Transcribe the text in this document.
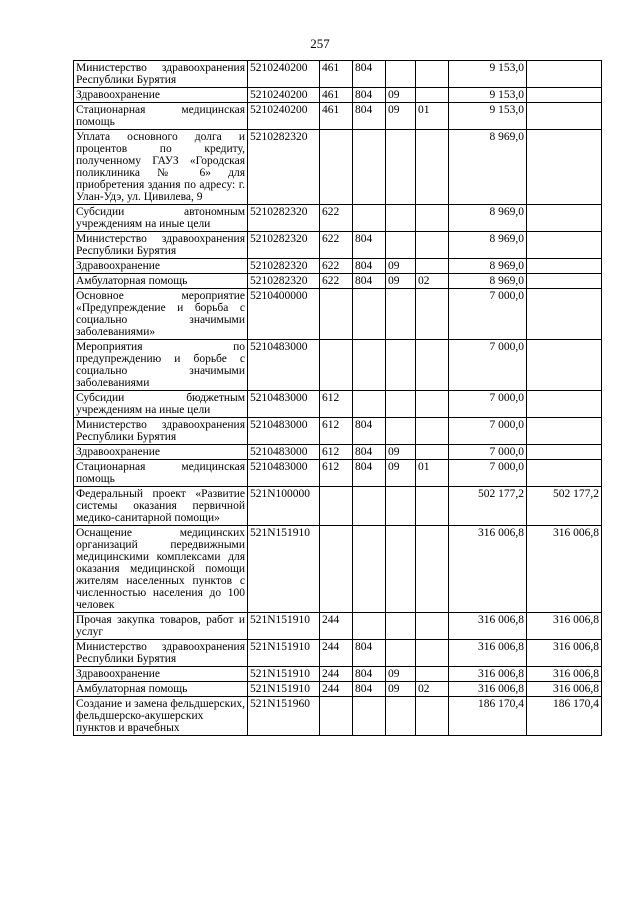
257
Министерство здравоохранения Республики Бурятия	5210240200	461	804			9 153,0	
Здравоохранение	5210240200	461	804	09		9 153,0	
Стационарная медицинская помощь	5210240200	461	804	09	01	9 153,0	
Уплата основного долга и процентов по кредиту, полученному ГАУЗ «Городская поликлиника № 6» для приобретения здания по адресу: г. Улан-Удэ, ул. Цивилева, 9	5210282320					8 969,0	
Субсидии автономным учреждениям на иные цели	5210282320	622				8 969,0	
Министерство здравоохранения Республики Бурятия	5210282320	622	804			8 969,0	
Здравоохранение	5210282320	622	804	09		8 969,0	
Амбулаторная помощь	5210282320	622	804	09	02	8 969,0	
Основное мероприятие «Предупреждение и борьба с социально значимыми заболеваниями»	5210400000					7 000,0	
Мероприятия по предупреждению и борьбе с социально значимыми заболеваниями	5210483000					7 000,0	
Субсидии бюджетным учреждениям на иные цели	5210483000	612				7 000,0	
Министерство здравоохранения Республики Бурятия	5210483000	612	804			7 000,0	
Здравоохранение	5210483000	612	804	09		7 000,0	
Стационарная медицинская помощь	5210483000	612	804	09	01	7 000,0	
Федеральный проект «Развитие системы оказания первичной медико-санитарной помощи»	521N100000					502 177,2	502 177,2
Оснащение медицинских организаций передвижными медицинскими комплексами для оказания медицинской помощи жителям населенных пунктов с численностью населения до 100 человек	521N151910					316 006,8	316 006,8
Прочая закупка товаров, работ и услуг	521N151910	244				316 006,8	316 006,8
Министерство здравоохранения Республики Бурятия	521N151910	244	804			316 006,8	316 006,8
Здравоохранение	521N151910	244	804	09		316 006,8	316 006,8
Амбулаторная помощь	521N151910	244	804	09	02	316 006,8	316 006,8
Создание и замена фельдшерских, фельдшерско-акушерских пунктов и врачебных	521N151960					186 170,4	186 170,4
